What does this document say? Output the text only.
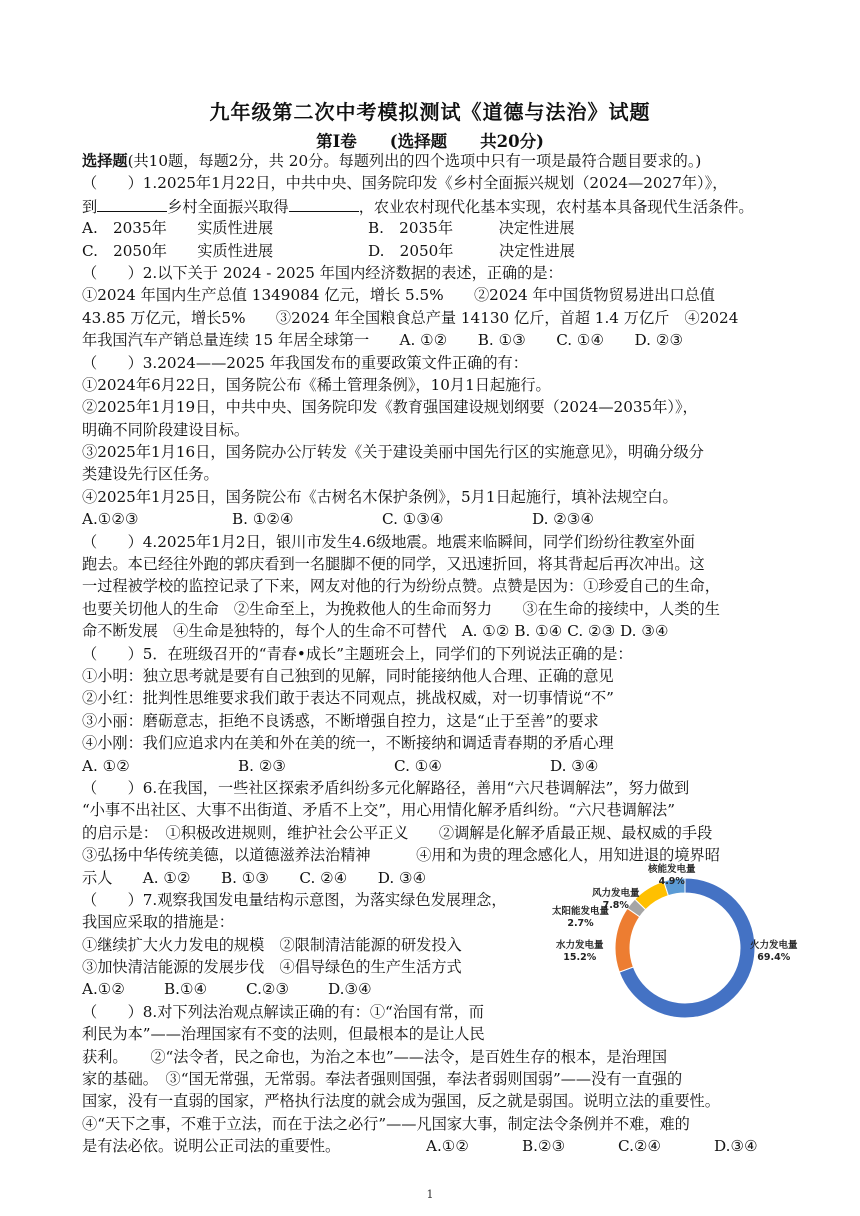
九年级第二次中考模拟测试《道德与法治》试题
第Ⅰ卷　　(选择题　　共20分)
选择题(共10题，每题2分，共 20分。每题列出的四个选项中只有一项是最符合题目要求的。)
（　　）1.2025年1月22日，中共中央、国务院印发《乡村全面振兴规划（2024—2027年）》，
到	乡村全面振兴取得	，农业农村现代化基本实现，农村基本具备现代生活条件。
A.　2035年　　实质性进展	B.　2035年　　　决定性进展
C.　2050年　　实质性进展	D.　2050年　　　决定性进展
（　　）2.以下关于 2024 - 2025 年国内经济数据的表述，正确的是：
①2024 年国内生产总值 1349084 亿元，增长 5.5%　　②2024 年中国货物贸易进出口总值
43.85 万亿元，增长5%　　③2024 年全国粮食总产量 14130 亿斤，首超 1.4 万亿斤　④2024
年我国汽车产销总量连续 15 年居全球第一　　A. ①②　　B. ①③　　C. ①④　　D. ②③
（　　）3.2024——2025 年我国发布的重要政策文件正确的有：
①2024年6月22日，国务院公布《稀土管理条例》，10月1日起施行。
②2025年1月19日，中共中央、国务院印发《教育强国建设规划纲要（2024—2035年）》，
明确不同阶段建设目标。
③2025年1月16日，国务院办公厅转发《关于建设美丽中国先行区的实施意见》，明确分级分
类建设先行区任务。
④2025年1月25日，国务院公布《古树名木保护条例》，5月1日起施行，填补法规空白。
A.①②③	B. ①②④	C. ①③④	D. ②③④
（　　）4.2025年1月2日，银川市发生4.6级地震。地震来临瞬间，同学们纷纷往教室外面
跑去。本已经往外跑的郭庆看到一名腿脚不便的同学，又迅速折回，将其背起后再次冲出。这
一过程被学校的监控记录了下来，网友对他的行为纷纷点赞。点赞是因为：①珍爱自己的生命，
也要关切他人的生命　②生命至上，为挽救他人的生命而努力　　③在生命的接续中，人类的生
命不断发展　④生命是独特的，每个人的生命不可替代　A. ①② B. ①④ C. ②③ D. ③④
（　　）5．在班级召开的“青春•成长”主题班会上，同学们的下列说法正确的是：
①小明：独立思考就是要有自己独到的见解，同时能接纳他人合理、正确的意见
②小红：批判性思维要求我们敢于表达不同观点，挑战权威，对一切事情说“不”
③小丽：磨砺意志，拒绝不良诱惑，不断增强自控力，这是“止于至善”的要求
④小刚：我们应追求内在美和外在美的统一，不断接纳和调适青春期的矛盾心理
A. ①②	B. ②③	C. ①④	D. ③④
（　　）6.在我国，一些社区探索矛盾纠纷多元化解路径，善用“六尺巷调解法”，努力做到
“小事不出社区、大事不出街道、矛盾不上交”，用心用情化解矛盾纠纷。“六尺巷调解法”
的启示是：　①积极改进规则，维护社会公平正义　　②调解是化解矛盾最正规、最权威的手段
③弘扬中华传统美德，以道德滋养法治精神　　　④用和为贵的理念感化人，用知进退的境界昭
示人　　A. ①②　　B. ①③　　C. ②④　　D. ③④
（　　）7.观察我国发电量结构示意图，为落实绿色发展理念，
我国应采取的措施是：
①继续扩大火力发电的规模　②限制清洁能源的研发投入
③加快清洁能源的发展步伐　④倡导绿色的生产生活方式
A.①②	B.①④	C.②③	D.③④
（　　）8.对下列法治观点解读正确的有：①“治国有常，而
利民为本”——治理国家有不变的法则，但最根本的是让人民
获利。　　②“法令者，民之命也，为治之本也”——法令，是百姓生存的根本，是治理国
家的基础。　③“国无常强，无常弱。奉法者强则国强，奉法者弱则国弱”——没有一直强的
国家，没有一直弱的国家，严格执行法度的就会成为强国，反之就是弱国。说明立法的重要性。
④“天下之事，不难于立法，而在于法之必行”——凡国家大事，制定法令条例并不难，难的
是有法必依。说明公正司法的重要性。	A.①②	B.②③	C.②④	D.③④
核能发电量
4.9%
风力发电量
7.8%
太阳能发电量
2.7%
水力发电量
15.2%
火力发电量
69.4%
1
